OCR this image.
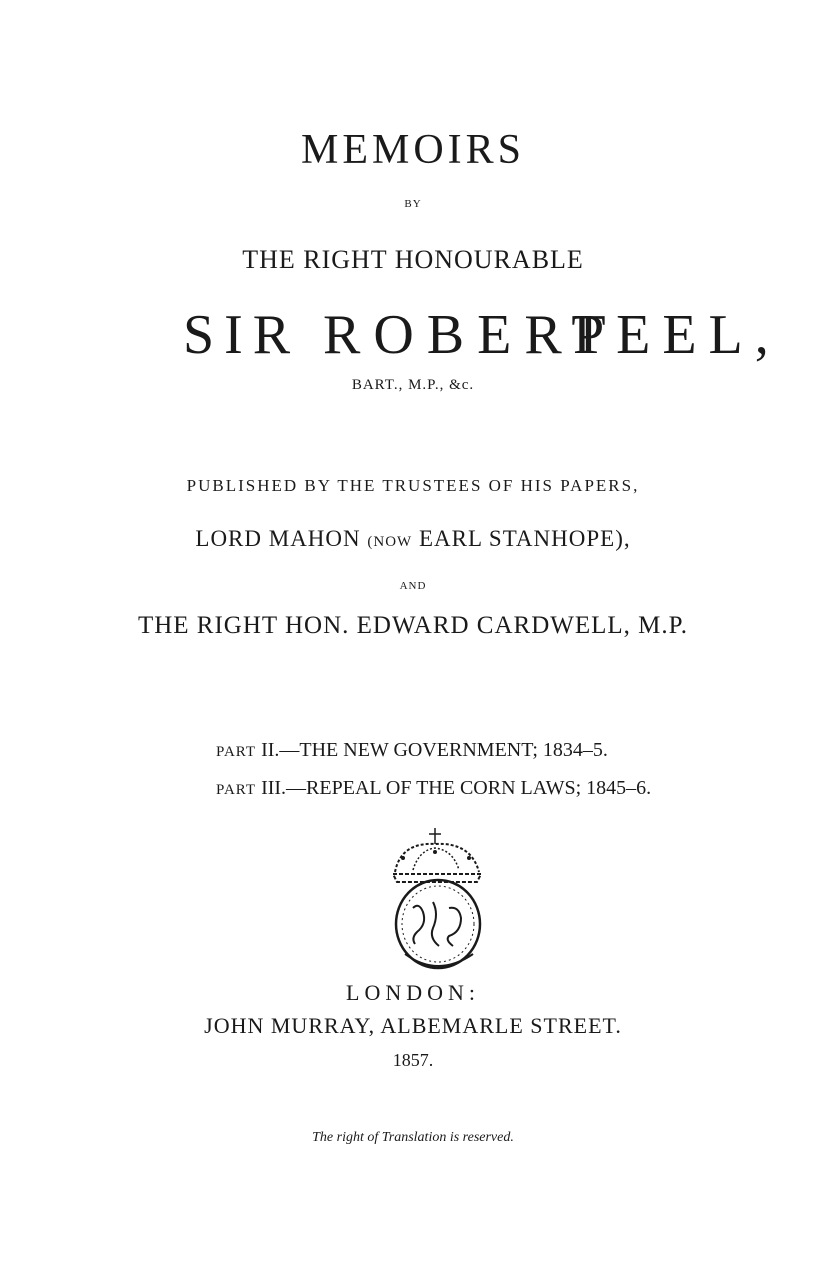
MEMOIRS
BY
THE RIGHT HONOURABLE
SIR ROBERT
PEEL,
BART., M.P., &c.
PUBLISHED BY THE TRUSTEES OF HIS PAPERS,
LORD MAHON (NOW EARL STANHOPE),
AND
THE RIGHT HON. EDWARD CARDWELL, M.P.
PART II.—THE NEW GOVERNMENT; 1834–5.
PART III.—REPEAL OF THE CORN LAWS; 1845–6.
LONDON:
JOHN MURRAY, ALBEMARLE STREET.
1857.
The right of Translation is reserved.
